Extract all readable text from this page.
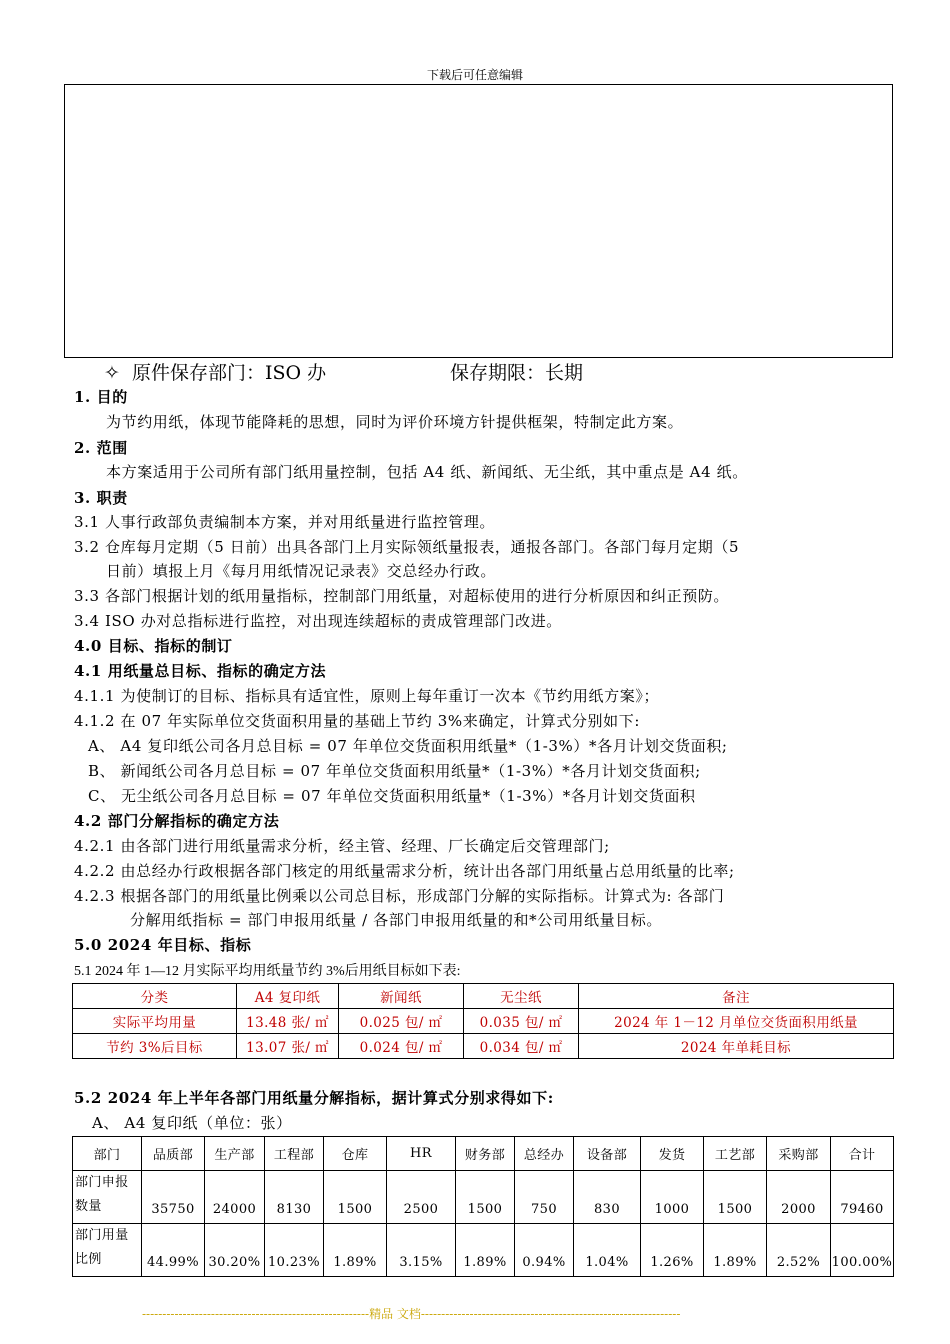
下载后可任意编辑
✧ 原件保存部门：ISO 办	保存期限：长期
1. 目的
为节约用纸，体现节能降耗的思想，同时为评价环境方针提供框架，特制定此方案。
2. 范围
本方案适用于公司所有部门纸用量控制，包括 A4 纸、新闻纸、无尘纸，其中重点是 A4 纸。
3. 职责
3.1 人事行政部负责编制本方案，并对用纸量进行监控管理。
3.2 仓库每月定期（5 日前）出具各部门上月实际领纸量报表，通报各部门。各部门每月定期（5
日前）填报上月《每月用纸情况记录表》交总经办行政。
3.3 各部门根据计划的纸用量指标，控制部门用纸量，对超标使用的进行分析原因和纠正预防。
3.4 ISO 办对总指标进行监控，对出现连续超标的责成管理部门改进。
4.0 目标、指标的制订
4.1 用纸量总目标、指标的确定方法
4.1.1 为使制订的目标、指标具有适宜性，原则上每年重订一次本《节约用纸方案》；
4.1.2 在 07 年实际单位交货面积用量的基础上节约 3%来确定，计算式分别如下:
A、 A4 复印纸公司各月总目标 = 07 年单位交货面积用纸量*（1-3%）*各月计划交货面积;
B、 新闻纸公司各月总目标 = 07 年单位交货面积用纸量*（1-3%）*各月计划交货面积;
C、 无尘纸公司各月总目标 = 07 年单位交货面积用纸量*（1-3%）*各月计划交货面积
4.2 部门分解指标的确定方法
4.2.1 由各部门进行用纸量需求分析，经主管、经理、厂长确定后交管理部门;
4.2.2 由总经办行政根据各部门核定的用纸量需求分析，统计出各部门用纸量占总用纸量的比率;
4.2.3 根据各部门的用纸量比例乘以公司总目标，形成部门分解的实际指标。计算式为: 各部门
分解用纸指标 = 部门申报用纸量 / 各部门申报用纸量的和*公司用纸量目标。
5.0 2024 年目标、指标
5.1 2024 年 1—12 月实际平均用纸量节约 3%后用纸目标如下表:
分类	A4 复印纸	新闻纸	无尘纸	备注
实际平均用量	13.48 张/ ㎡	0.025 包/ ㎡	0.035 包/ ㎡	2024 年 1－12 月单位交货面积用纸量
节约 3%后目标	13.07 张/ ㎡	0.024 包/ ㎡	0.034 包/ ㎡	2024 年单耗目标
5.2 2024 年上半年各部门用纸量分解指标，据计算式分别求得如下:
A、 A4 复印纸（单位：张）
部门	品质部	生产部	工程部	仓库	HR	财务部	总经办	设备部	发货	工艺部	采购部	合计
部门申报
数量	35750	24000	8130	1500	2500	1500	750	830	1000	1500	2000	79460
部门用量
比例	44.99%	30.20%	10.23%	1.89%	3.15%	1.89%	0.94%	1.04%	1.26%	1.89%	2.52%	100.00%
--------------------------------------------------------精品 文档----------------------------------------------------------------
